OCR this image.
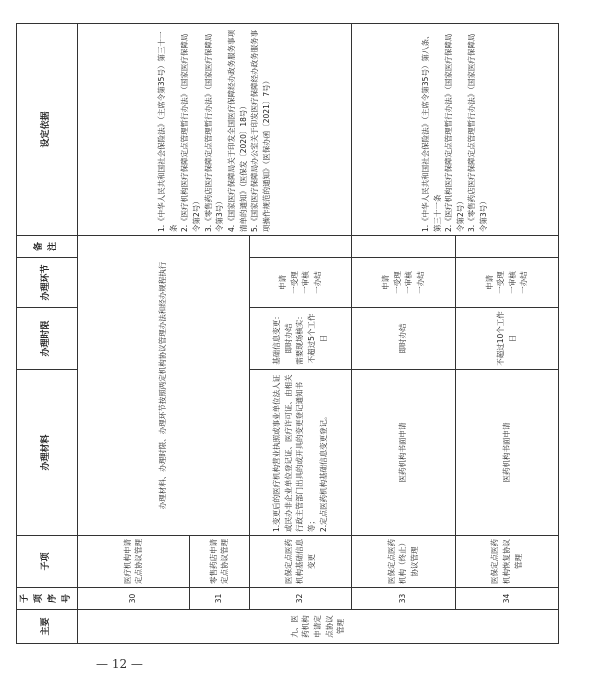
主要	子项序号	子项	办理材料	办理时限	办理环节	备注	设定依据
九、医药机构申请定点协议管理	30	医疗机构申请定点协议管理	办理材料、办理时限、办理环节按照两定机构协议管理办法和经办规程执行				1.《中华人民共和国社会保险法》（主席令第35号）第三十一条
2.《医疗机构医疗保障定点管理暂行办法》（国家医疗保障局令第2号）
3.《零售药店医疗保障定点管理暂行办法》（国家医疗保障局令第3号）
4.《国家医疗保障局关于印发全国医疗保障经办政务服务事项清单的通知》（医保发〔2020〕18号）
5.《国家医疗保障局办公室关于印发医疗保障经办政务服务事项操作规范的通知》（医保办函〔2021〕7号）
	31	零售药店申请定点协议管理					
	32	医保定点医药机构基础信息变更	1.变更后的医疗机构营业执照或事业单位法人证或民办非企业单位登记证、医疗许可证、由相关行政主管部门出具的或开具的变更登记通知书等；
2.定点医药机构基础信息变更登记。	基础信息变更：即时办结
需要现场核实：不超过5个工作日	申请
一受理
一审核
一办结		
	33	医保定点医药机构（终止）协议管理	医药机构书面申请	即时办结	申请
一受理
一审核
一办结		1.《中华人民共和国社会保险法》（主席令第35号）第八条、第三十一条
2.《医疗机构医疗保障定点管理暂行办法》（国家医疗保障局令第2号）
3.《零售药店医疗保障定点管理暂行办法》（国家医疗保障局令第3号）
	34	医保定点医药机构恢复协议管理	医药机构书面申请	不超过10个工作日	申请
一受理
一审核
一办结		
— 12 —
